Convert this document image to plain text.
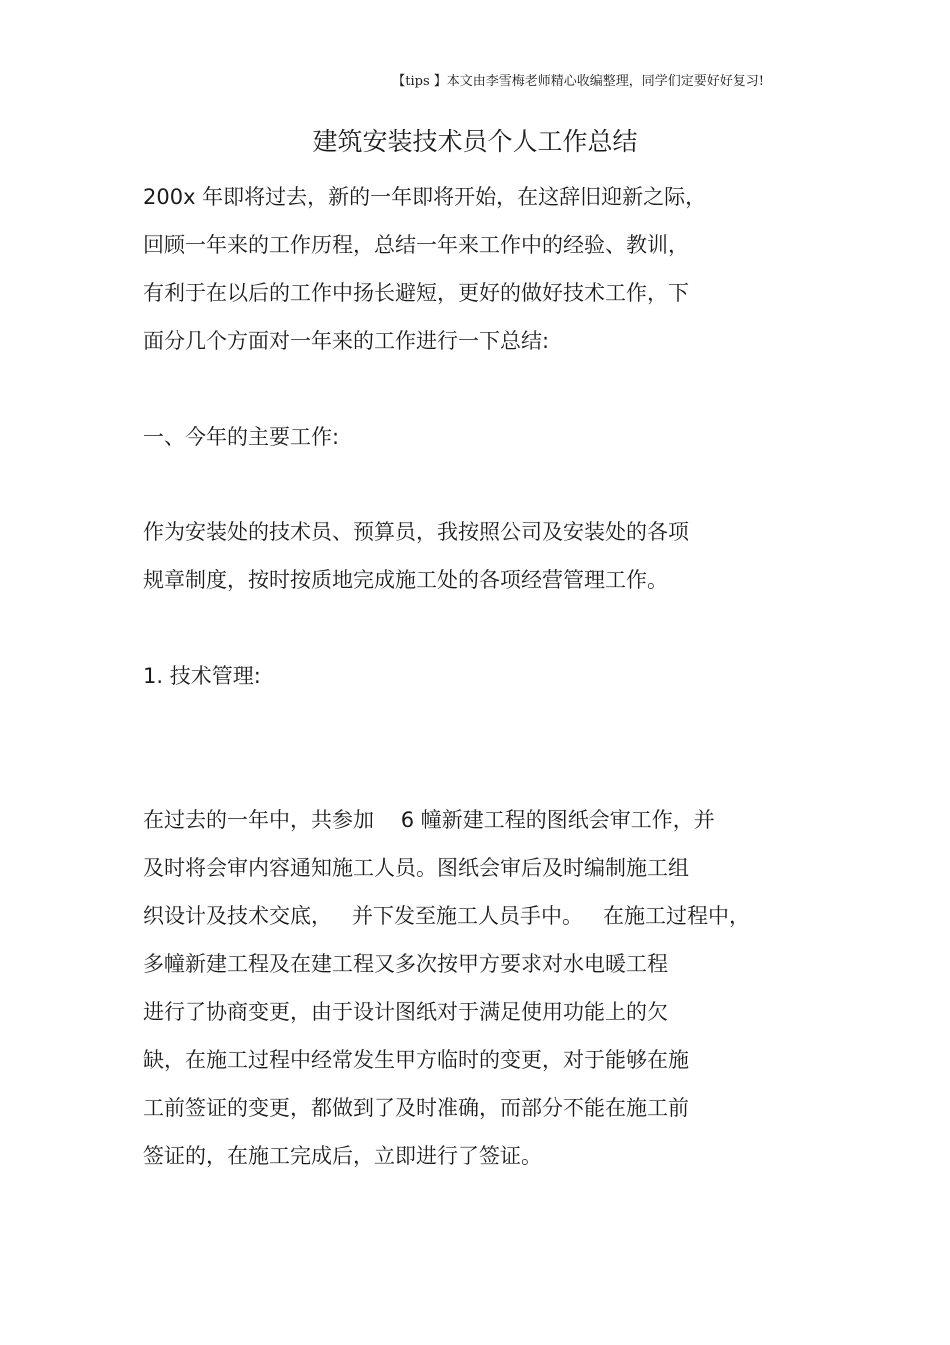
【tips 】本文由李雪梅老师精心收编整理，同学们定要好好复习!
建筑安装技术员个人工作总结
200x 年即将过去，新的一年即将开始，在这辞旧迎新之际，
回顾一年来的工作历程，总结一年来工作中的经验、教训，
有利于在以后的工作中扬长避短，更好的做好技术工作，下
面分几个方面对一年来的工作进行一下总结:
一、今年的主要工作:
作为安装处的技术员、预算员，我按照公司及安装处的各项
规章制度，按时按质地完成施工处的各项经营管理工作。
1. 技术管理:
在过去的一年中，共参加    6 幢新建工程的图纸会审工作，并
及时将会审内容通知施工人员。图纸会审后及时编制施工组
织设计及技术交底，   并下发至施工人员手中。   在施工过程中，
多幢新建工程及在建工程又多次按甲方要求对水电暖工程
进行了协商变更，由于设计图纸对于满足使用功能上的欠
缺，在施工过程中经常发生甲方临时的变更，对于能够在施
工前签证的变更，都做到了及时准确，而部分不能在施工前
签证的，在施工完成后，立即进行了签证。
